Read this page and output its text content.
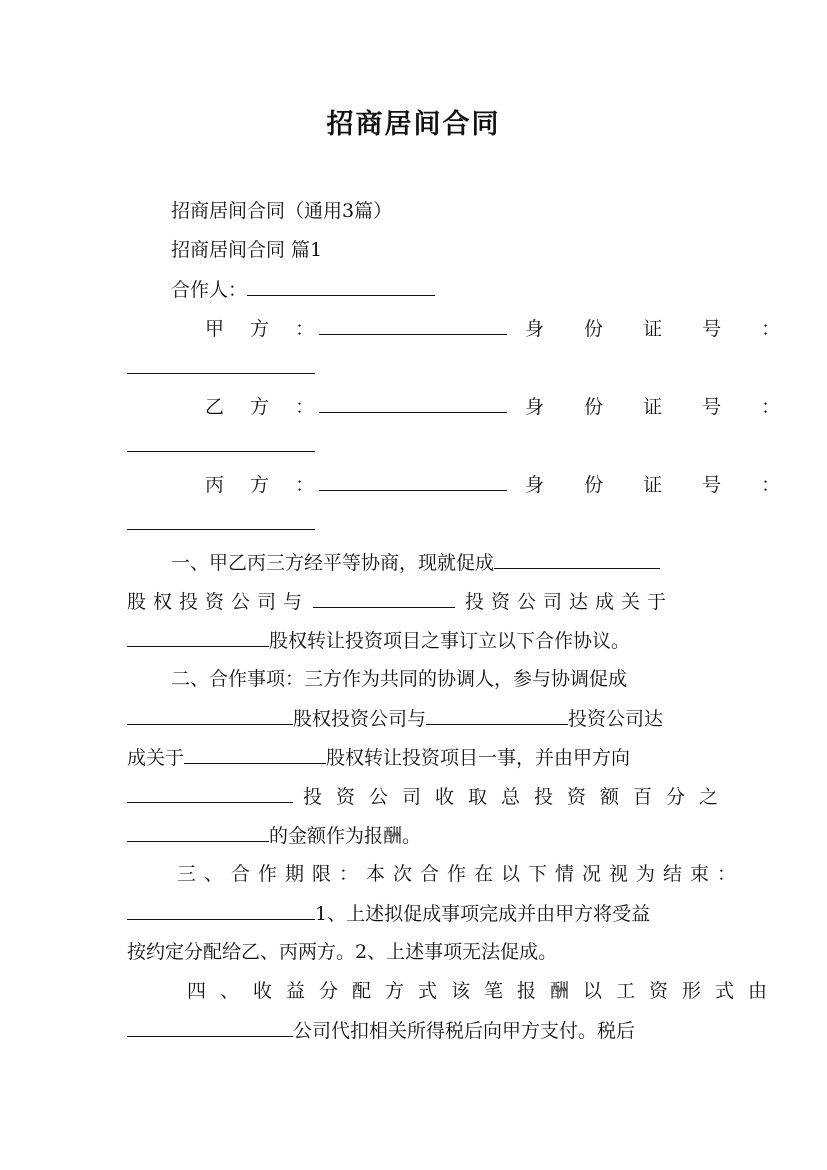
招商居间合同
招商居间合同（通用3篇）
招商居间合同 篇1
合作人：
甲 方 ：	身 份 证 号 ：
乙 方 ：	身 份 证 号 ：
丙 方 ：	身 份 证 号 ：
一、甲乙丙三方经平等协商，现就促成
股权投资公司与	投资公司达成关于
股权转让投资项目之事订立以下合作协议。
二、合作事项：三方作为共同的协调人，参与协调促成
股权投资公司与	投资公司达
成关于	股权转让投资项目一事，并由甲方向
投资公司收取总投资额百分之
的金额作为报酬。
三、合作期限：本次合作在以下情况视为结束：
1、上述拟促成事项完成并由甲方将受益
按约定分配给乙、丙两方。2、上述事项无法促成。
四、收益分配方式该笔报酬以工资形式由
公司代扣相关所得税后向甲方支付。税后
